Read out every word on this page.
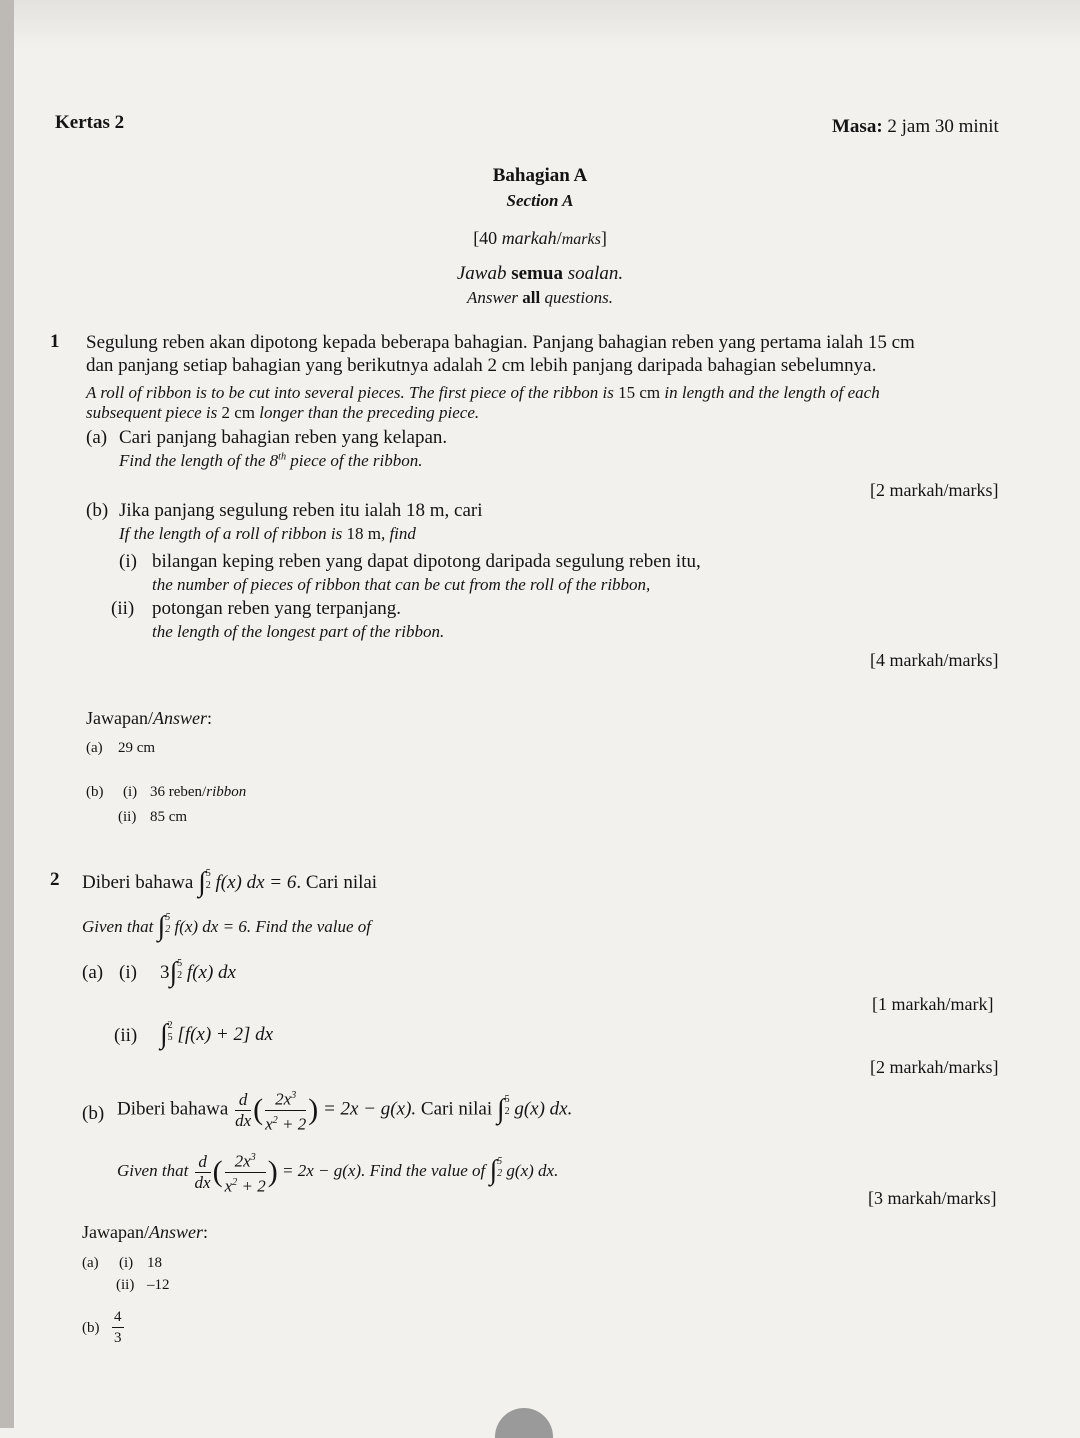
Kertas 2	Masa: 2 jam 30 minit
Bahagian A
Section A
[40 markah/marks]
Jawab semua soalan.
Answer all questions.
1 Segulung reben akan dipotong kepada beberapa bahagian. Panjang bahagian reben yang pertama ialah 15 cm
dan panjang setiap bahagian yang berikutnya adalah 2 cm lebih panjang daripada bahagian sebelumnya.
A roll of ribbon is to be cut into several pieces. The first piece of the ribbon is 15 cm in length and the length of each
subsequent piece is 2 cm longer than the preceding piece.
(a) Cari panjang bahagian reben yang kelapan.
Find the length of the 8th piece of the ribbon.
[2 markah/marks]
(b) Jika panjang segulung reben itu ialah 18 m, cari
If the length of a roll of ribbon is 18 m, find
(i) bilangan keping reben yang dapat dipotong daripada segulung reben itu,
the number of pieces of ribbon that can be cut from the roll of the ribbon,
(ii) potongan reben yang terpanjang.
the length of the longest part of the ribbon.
[4 markah/marks]
Jawapan/Answer:
(a) 29 cm
(b) (i) 36 reben/ribbon
(ii) 85 cm
2 Diberi bahawa ∫ 5
2 f(x) dx = 6. Cari nilai
Given that ∫ 5
2 f(x) dx = 6. Find the value of
(a) (i) 3∫ 5
2 f(x) dx
[1 markah/mark]
(ii) ∫ 2
5 [f(x) + 2] dx
[2 markah/marks]
(b) Diberi bahawa $\frac{d}{dx}$ ( $\frac{2x^3}{x^2 + 2}$ ) = 2x − g(x). Cari nilai ∫ 5
2 g(x) dx.
Given that $\frac{d}{dx}$ ( $\frac{2x^3}{x^2 + 2}$ ) = 2x − g(x). Find the value of ∫ 5
2 g(x) dx.
[3 markah/marks]
Jawapan/Answer:
(a) (i) 18
(ii) –12
$(b) \frac{4}{3}$
